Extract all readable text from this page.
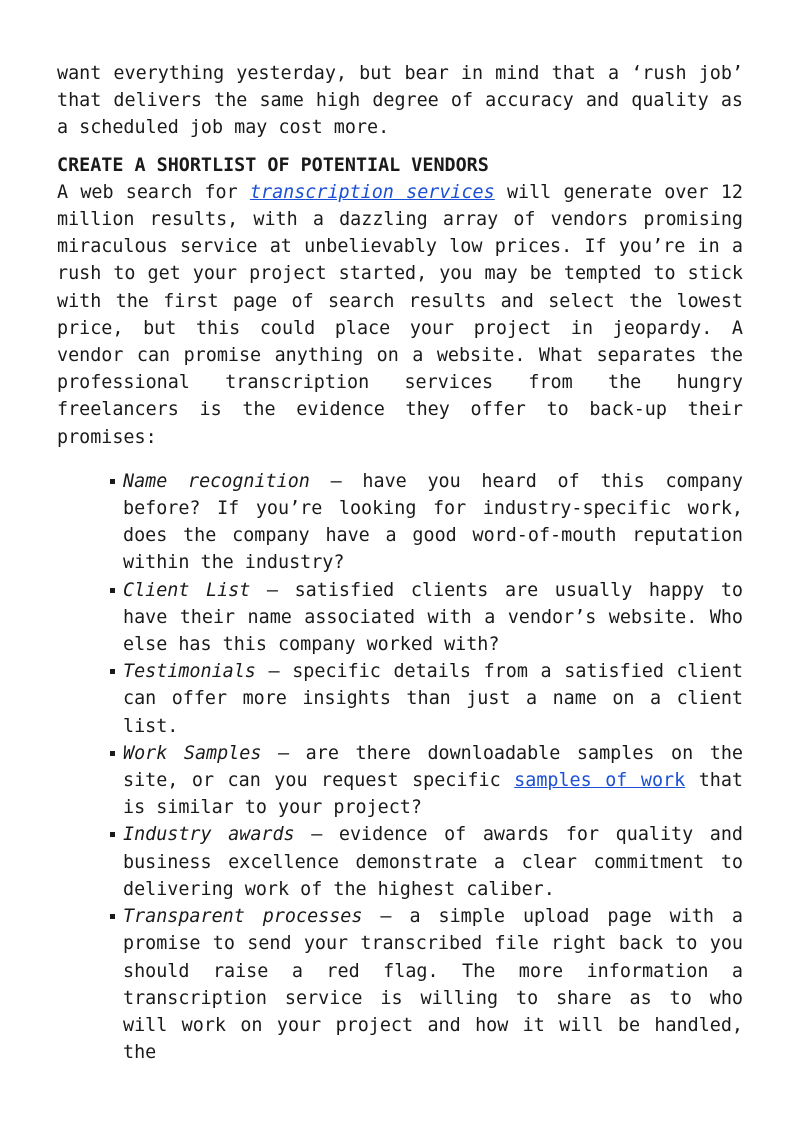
want everything yesterday, but bear in mind that a ‘rush job’ that delivers the same high degree of accuracy and quality as a scheduled job may cost more.

CREATE A SHORTLIST OF POTENTIAL VENDORS

A web search for transcription services will generate over 12 million results, with a dazzling array of vendors promising miraculous service at unbelievably low prices. If you’re in a rush to get your project started, you may be tempted to stick with the first page of search results and select the lowest price, but this could place your project in jeopardy. A vendor can promise anything on a website. What separates the professional transcription services from the hungry freelancers is the evidence they offer to back-up their promises:

Name recognition – have you heard of this company before? If you’re looking for industry-specific work, does the company have a good word-of-mouth reputation within the industry?
Client List – satisfied clients are usually happy to have their name associated with a vendor’s website. Who else has this company worked with?
Testimonials – specific details from a satisfied client can offer more insights than just a name on a client list.
Work Samples – are there downloadable samples on the site, or can you request specific samples of work that is similar to your project?
Industry awards – evidence of awards for quality and business excellence demonstrate a clear commitment to delivering work of the highest caliber.
Transparent processes – a simple upload page with a promise to send your transcribed file right back to you should raise a red flag. The more information a transcription service is willing to share as to who will work on your project and how it will be handled, the
